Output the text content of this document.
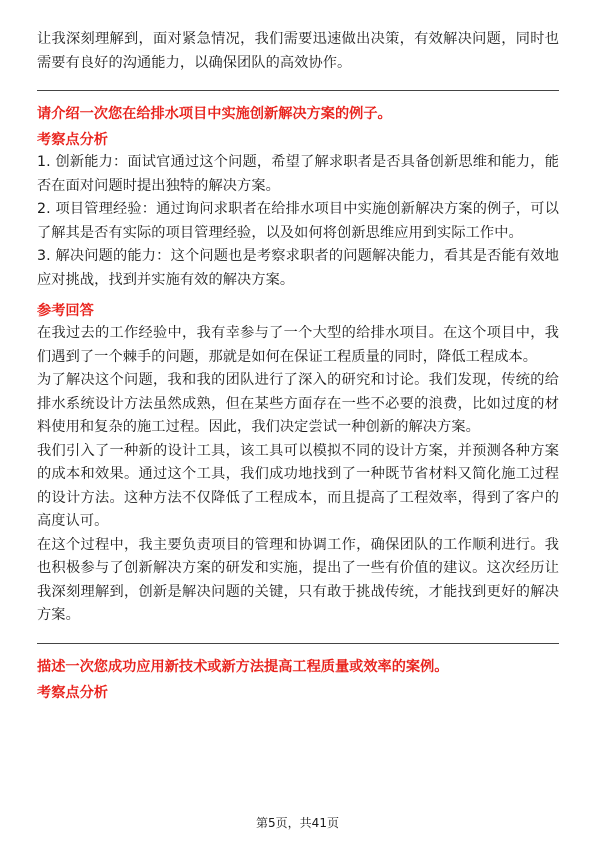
让我深刻理解到，面对紧急情况，我们需要迅速做出决策，有效解决问题，同时也需要有良好的沟通能力，以确保团队的高效协作。

请介绍一次您在给排水项目中实施创新解决方案的例子。
考察点分析

1. 创新能力：面试官通过这个问题，希望了解求职者是否具备创新思维和能力，能否在面对问题时提出独特的解决方案。

2. 项目管理经验：通过询问求职者在给排水项目中实施创新解决方案的例子，可以了解其是否有实际的项目管理经验，以及如何将创新思维应用到实际工作中。

3. 解决问题的能力：这个问题也是考察求职者的问题解决能力，看其是否能有效地应对挑战，找到并实施有效的解决方案。

参考回答

在我过去的工作经验中，我有幸参与了一个大型的给排水项目。在这个项目中，我们遇到了一个棘手的问题，那就是如何在保证工程质量的同时，降低工程成本。

为了解决这个问题，我和我的团队进行了深入的研究和讨论。我们发现，传统的给排水系统设计方法虽然成熟，但在某些方面存在一些不必要的浪费，比如过度的材料使用和复杂的施工过程。因此，我们决定尝试一种创新的解决方案。

我们引入了一种新的设计工具，该工具可以模拟不同的设计方案，并预测各种方案的成本和效果。通过这个工具，我们成功地找到了一种既节省材料又简化施工过程的设计方法。这种方法不仅降低了工程成本，而且提高了工程效率，得到了客户的高度认可。

在这个过程中，我主要负责项目的管理和协调工作，确保团队的工作顺利进行。我也积极参与了创新解决方案的研发和实施，提出了一些有价值的建议。这次经历让我深刻理解到，创新是解决问题的关键，只有敢于挑战传统，才能找到更好的解决方案。

描述一次您成功应用新技术或新方法提高工程质量或效率的案例。
考察点分析
第5页，共41页
